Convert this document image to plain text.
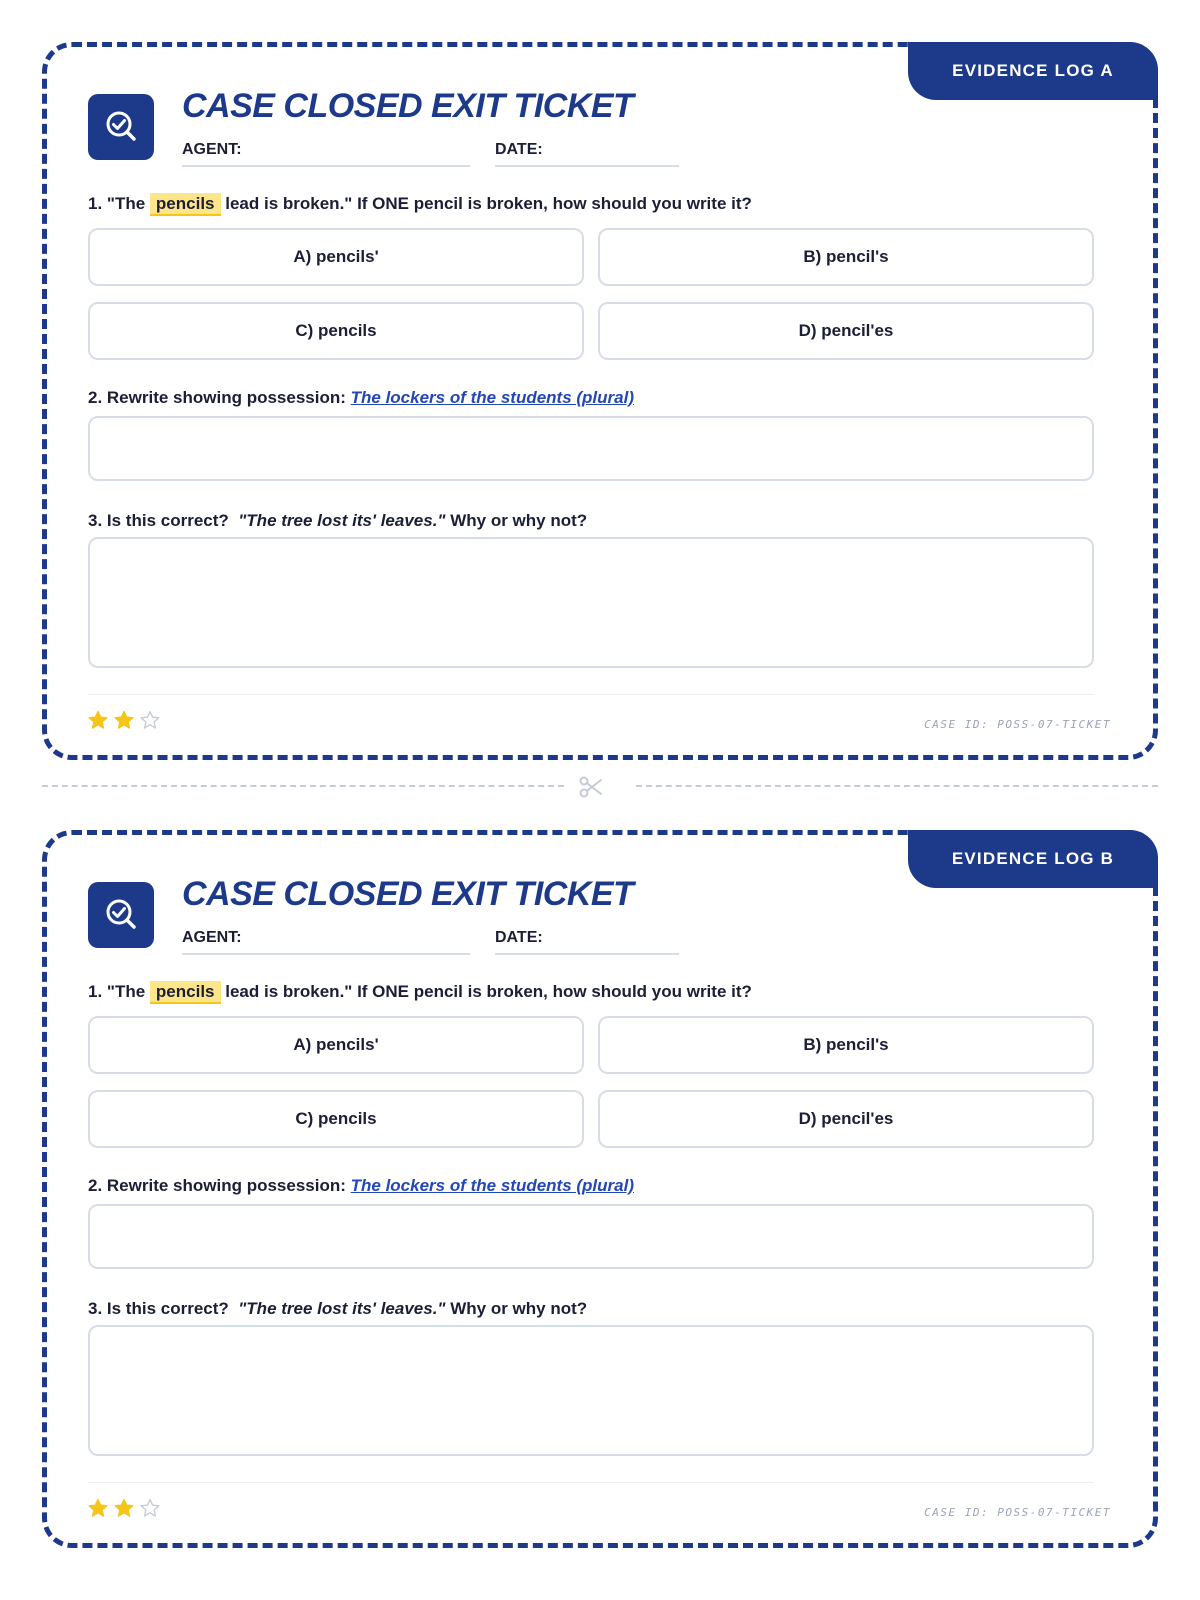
EVIDENCE LOG A
CASE CLOSED EXIT TICKET
AGENT:	DATE:
1. "The pencils lead is broken." If ONE pencil is broken, how should you write it?
A) pencils'	B) pencil's
C) pencils	D) pencil'es
2. Rewrite showing possession: The lockers of the students (plural)
3. Is this correct? "The tree lost its' leaves." Why or why not?
CASE ID: POSS-07-TICKET
EVIDENCE LOG B
CASE CLOSED EXIT TICKET
AGENT:	DATE:
1. "The pencils lead is broken." If ONE pencil is broken, how should you write it?
A) pencils'	B) pencil's
C) pencils	D) pencil'es
2. Rewrite showing possession: The lockers of the students (plural)
3. Is this correct? "The tree lost its' leaves." Why or why not?
CASE ID: POSS-07-TICKET
